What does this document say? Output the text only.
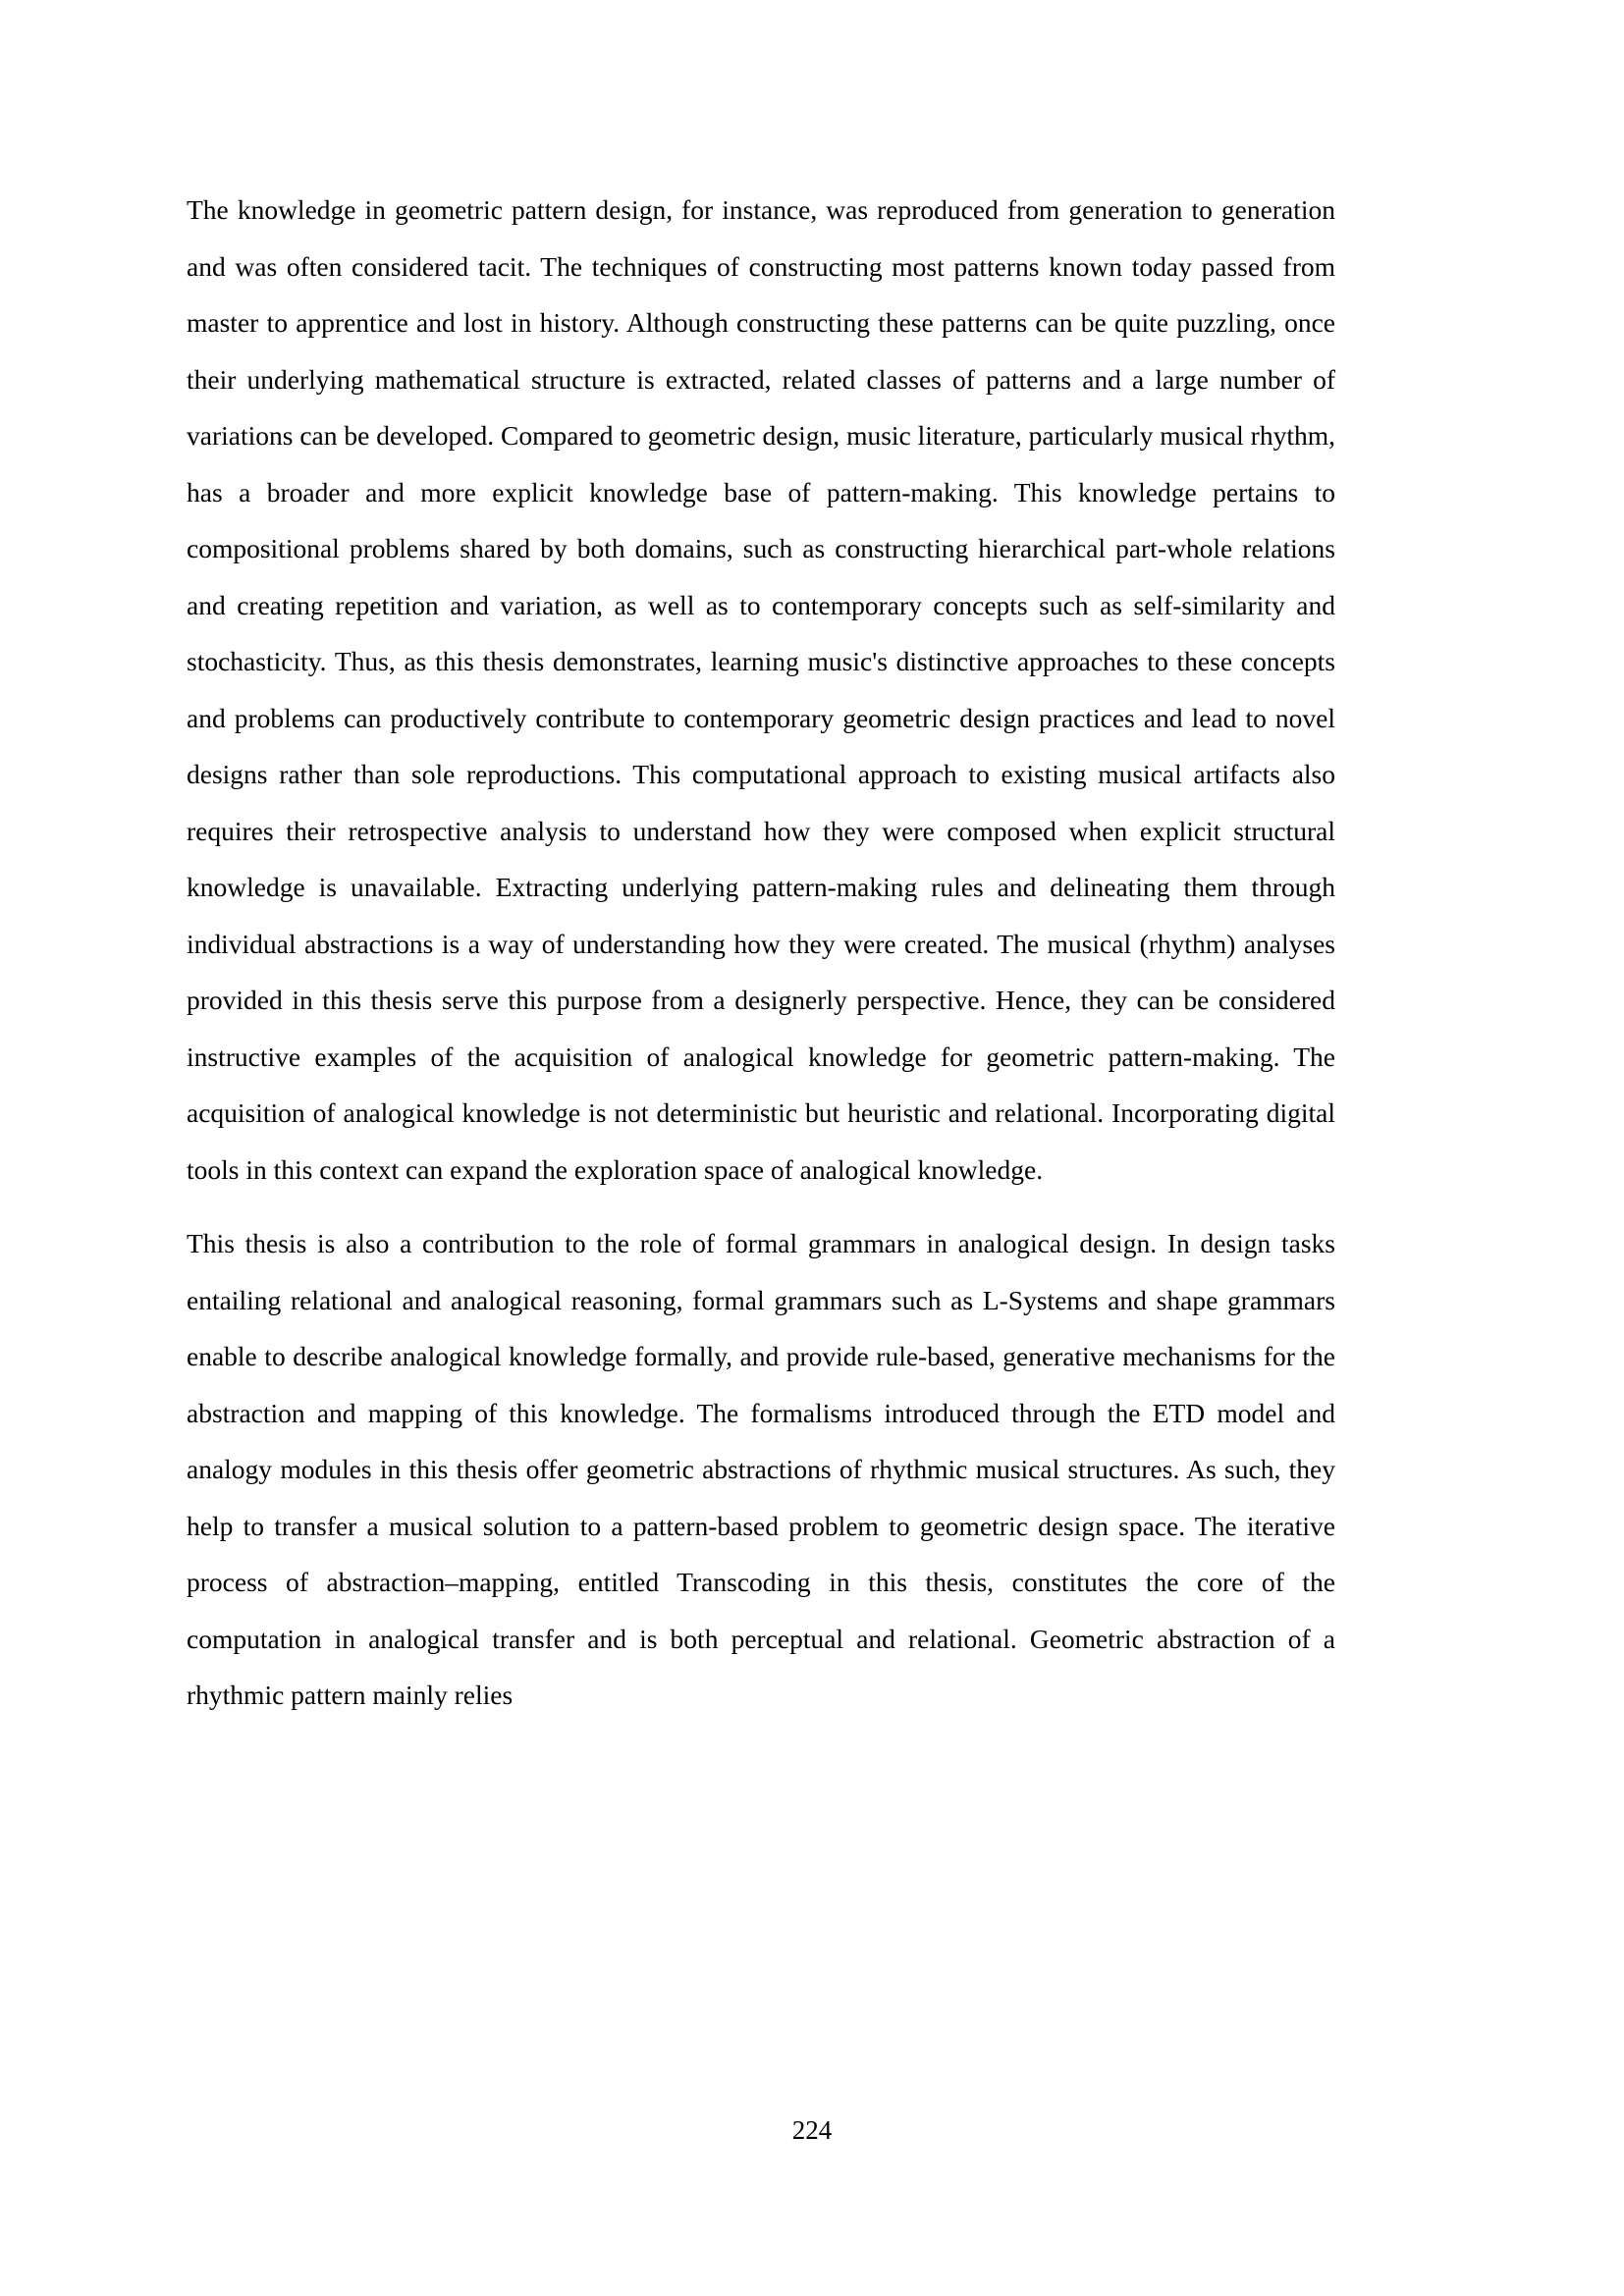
The knowledge in geometric pattern design, for instance, was reproduced from generation to generation and was often considered tacit. The techniques of constructing most patterns known today passed from master to apprentice and lost in history. Although constructing these patterns can be quite puzzling, once their underlying mathematical structure is extracted, related classes of patterns and a large number of variations can be developed. Compared to geometric design, music literature, particularly musical rhythm, has a broader and more explicit knowledge base of pattern-making. This knowledge pertains to compositional problems shared by both domains, such as constructing hierarchical part-whole relations and creating repetition and variation, as well as to contemporary concepts such as self-similarity and stochasticity. Thus, as this thesis demonstrates, learning music's distinctive approaches to these concepts and problems can productively contribute to contemporary geometric design practices and lead to novel designs rather than sole reproductions. This computational approach to existing musical artifacts also requires their retrospective analysis to understand how they were composed when explicit structural knowledge is unavailable. Extracting underlying pattern-making rules and delineating them through individual abstractions is a way of understanding how they were created. The musical (rhythm) analyses provided in this thesis serve this purpose from a designerly perspective. Hence, they can be considered instructive examples of the acquisition of analogical knowledge for geometric pattern-making. The acquisition of analogical knowledge is not deterministic but heuristic and relational. Incorporating digital tools in this context can expand the exploration space of analogical knowledge.

This thesis is also a contribution to the role of formal grammars in analogical design. In design tasks entailing relational and analogical reasoning, formal grammars such as L-Systems and shape grammars enable to describe analogical knowledge formally, and provide rule-based, generative mechanisms for the abstraction and mapping of this knowledge. The formalisms introduced through the ETD model and analogy modules in this thesis offer geometric abstractions of rhythmic musical structures. As such, they help to transfer a musical solution to a pattern-based problem to geometric design space. The iterative process of abstraction–mapping, entitled Transcoding in this thesis, constitutes the core of the computation in analogical transfer and is both perceptual and relational. Geometric abstraction of a rhythmic pattern mainly relies

224
